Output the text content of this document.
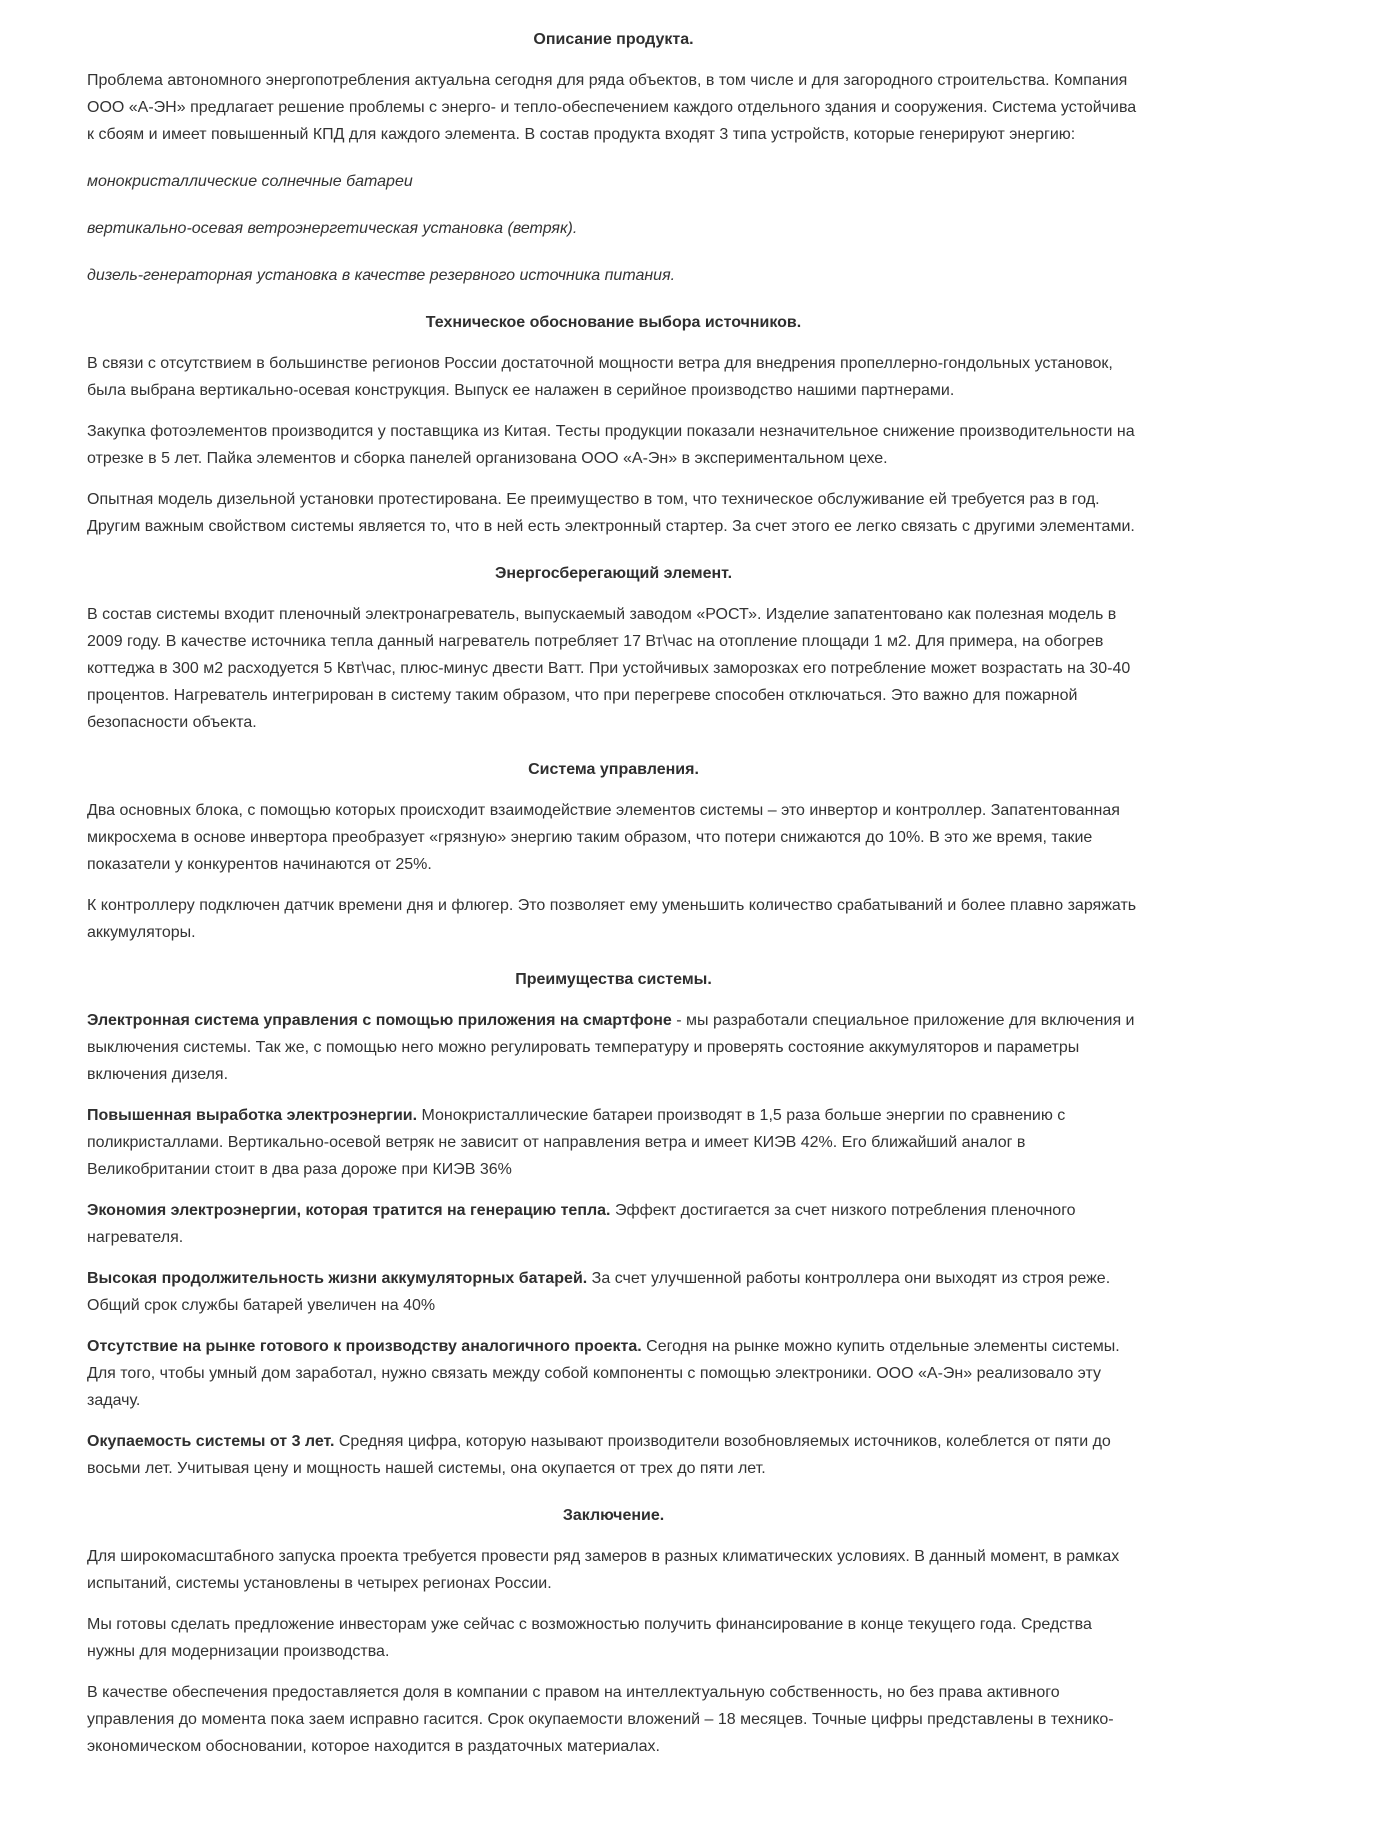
Описание продукта.

Проблема автономного энергопотребления актуальна сегодня для ряда объектов, в том числе и для загородного строительства. Компания ООО «А-ЭН» предлагает решение проблемы с энерго- и тепло-обеспечением каждого отдельного здания и сооружения. Система устойчива к сбоям и имеет повышенный КПД для каждого элемента. В состав продукта входят 3 типа устройств, которые генерируют энергию:

монокристаллические солнечные батареи

вертикально-осевая ветроэнергетическая установка (ветряк).

дизель-генераторная установка в качестве резервного источника питания.

Техническое обоснование выбора источников.

В связи с отсутствием в большинстве регионов России достаточной мощности ветра для внедрения пропеллерно-гондольных установок, была выбрана вертикально-осевая конструкция. Выпуск ее налажен в серийное производство нашими партнерами.

Закупка фотоэлементов производится у поставщика из Китая. Тесты продукции показали незначительное снижение производительности на отрезке в 5 лет. Пайка элементов и сборка панелей организована ООО «А-Эн» в экспериментальном цехе.

Опытная модель дизельной установки протестирована. Ее преимущество в том, что техническое обслуживание ей требуется раз в год. Другим важным свойством системы является то, что в ней есть электронный стартер. За счет этого ее легко связать с другими элементами.

Энергосберегающий элемент.

В состав системы входит пленочный электронагреватель, выпускаемый заводом «РОСТ». Изделие запатентовано как полезная модель в 2009 году. В качестве источника тепла данный нагреватель потребляет 17 Вт\час на отопление площади 1 м2. Для примера, на обогрев коттеджа в 300 м2 расходуется 5 Квт\час, плюс-минус двести Ватт. При устойчивых заморозках его потребление может возрастать на 30-40 процентов. Нагреватель интегрирован в систему таким образом, что при перегреве способен отключаться. Это важно для пожарной безопасности объекта.

Система управления.

Два основных блока, с помощью которых происходит взаимодействие элементов системы – это инвертор и контроллер. Запатентованная микросхема в основе инвертора преобразует «грязную» энергию таким образом, что потери снижаются до 10%. В это же время, такие показатели у конкурентов начинаются от 25%.

К контроллеру подключен датчик времени дня и флюгер. Это позволяет ему уменьшить количество срабатываний и более плавно заряжать аккумуляторы.

Преимущества системы.

Электронная система управления с помощью приложения на смартфоне - мы разработали специальное приложение для включения и выключения системы. Так же, с помощью него можно регулировать температуру и проверять состояние аккумуляторов и параметры включения дизеля.

Повышенная выработка электроэнергии. Монокристаллические батареи производят в 1,5 раза больше энергии по сравнению с поликристаллами. Вертикально-осевой ветряк не зависит от направления ветра и имеет КИЭВ 42%. Его ближайший аналог в Великобритании стоит в два раза дороже при КИЭВ 36%

Экономия электроэнергии, которая тратится на генерацию тепла. Эффект достигается за счет низкого потребления пленочного нагревателя.

Высокая продолжительность жизни аккумуляторных батарей. За счет улучшенной работы контроллера они выходят из строя реже. Общий срок службы батарей увеличен на 40%

Отсутствие на рынке готового к производству аналогичного проекта. Сегодня на рынке можно купить отдельные элементы системы. Для того, чтобы умный дом заработал, нужно связать между собой компоненты с помощью электроники. ООО «А-Эн» реализовало эту задачу.

Окупаемость системы от 3 лет. Средняя цифра, которую называют производители возобновляемых источников, колеблется от пяти до восьми лет. Учитывая цену и мощность нашей системы, она окупается от трех до пяти лет.

Заключение.

Для широкомасштабного запуска проекта требуется провести ряд замеров в разных климатических условиях. В данный момент, в рамках испытаний, системы установлены в четырех регионах России.

Мы готовы сделать предложение инвесторам уже сейчас с возможностью получить финансирование в конце текущего года. Средства нужны для модернизации производства.

В качестве обеспечения предоставляется доля в компании с правом на интеллектуальную собственность, но без права активного управления до момента пока заем исправно гасится. Срок окупаемости вложений – 18 месяцев. Точные цифры представлены в технико-экономическом обосновании, которое находится в раздаточных материалах.
